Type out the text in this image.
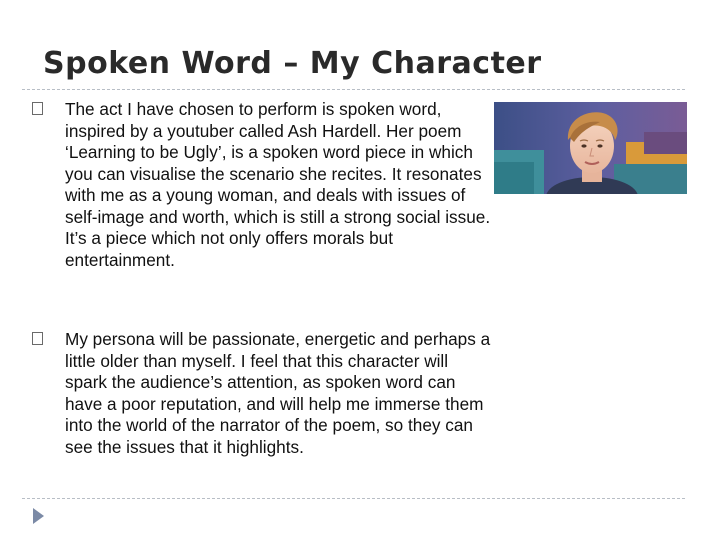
Spoken Word – My Character

The act I have chosen to perform is spoken word, inspired by a youtuber called Ash Hardell. Her poem ‘Learning to be Ugly’, is a spoken word piece in which you can visualise the scenario she recites. It resonates with me as a young woman, and deals with issues of self-image and worth, which is still a strong social issue. It’s a piece which not only offers morals but entertainment.

My persona will be passionate, energetic and perhaps a little older than myself. I feel that this character will spark the audience’s attention, as spoken word can have a poor reputation, and will help me immerse them into the world of the narrator of the poem, so they can see the issues that it highlights.
